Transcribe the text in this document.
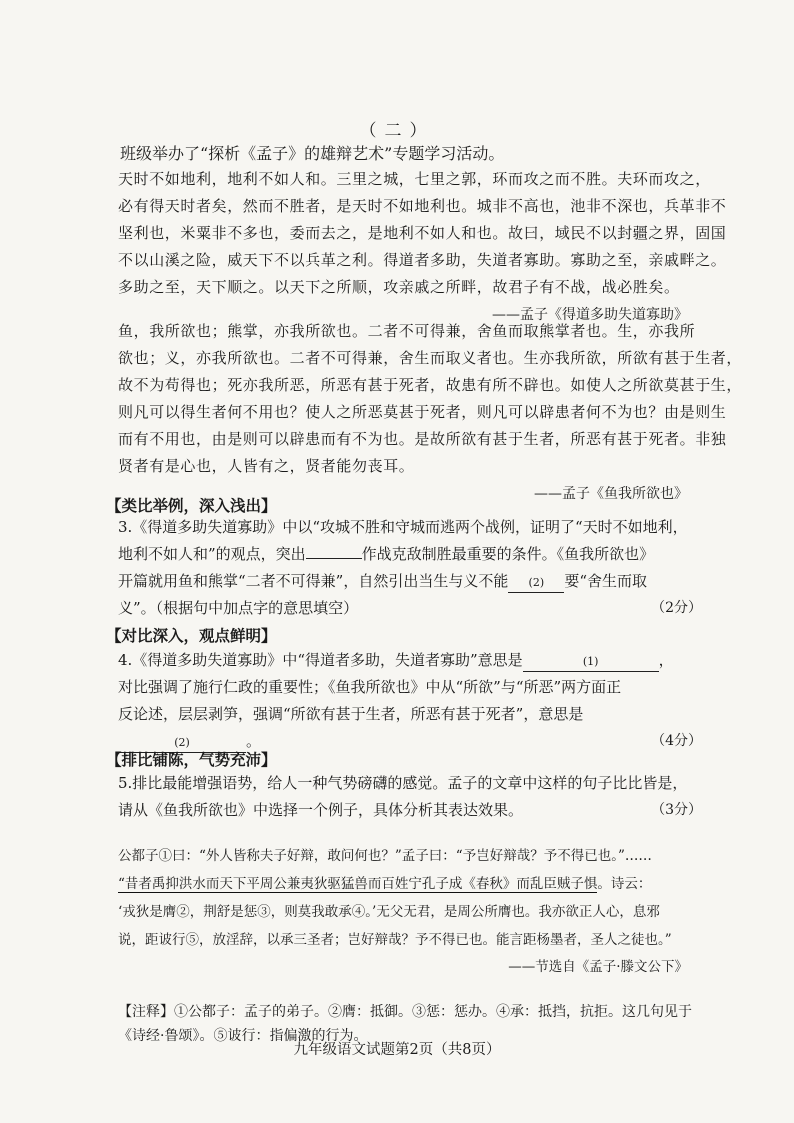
（二）
班级举办了“探析《孟子》的雄辩艺术”专题学习活动。
天时不如地利，地利不如人和。三里之城，七里之郭，环而攻之而不胜。夫环而攻之，
必有得天时者矣，然而不胜者，是天时不如地利也。城非不高也，池非不深也，兵革非不
坚利也，米粟非不多也，委而去之，是地利不如人和也。故曰，域民不以封疆之界，固国
不以山溪之险，威天下不以兵革之利。得道者多助，失道者寡助。寡助之至，亲戚畔之。
多助之至，天下顺之。以天下之所顺，攻亲戚之所畔，故君子有不战，战必胜矣。
——孟子《得道多助失道寡助》
鱼，我所欲也；熊掌，亦我所欲也。二者不可得兼，舍鱼而取熊掌者也。生，亦我所
欲也；义，亦我所欲也。二者不可得兼，舍生而取义者也。生亦我所欲，所欲有甚于生者，
故不为苟得也；死亦我所恶，所恶有甚于死者，故患有所不辟也。如使人之所欲莫甚于生，
则凡可以得生者何不用也？使人之所恶莫甚于死者，则凡可以辟患者何不为也？由是则生
而有不用也，由是则可以辟患而有不为也。是故所欲有甚于生者，所恶有甚于死者。非独
贤者有是心也，人皆有之，贤者能勿丧耳。
——孟子《鱼我所欲也》
【类比举例，深入浅出】
3.《得道多助失道寡助》中以“攻城不胜和守城而逃两个战例，证明了“天时不如地利，
地利不如人和”的观点，突出	作战克敌制胜最重要的条件。《鱼我所欲也》
开篇就用鱼和熊掌“二者不可得兼”，自然引出当生与义不能 (2) 要“舍生而取
义”。（根据句中加点字的意思填空）	（2分）
【对比深入，观点鲜明】
4.《得道多助失道寡助》中“得道者多助，失道者寡助”意思是	(1)	，
对比强调了施行仁政的重要性；《鱼我所欲也》中从“所欲”与“所恶”两方面正
反论述，层层剥笋，强调“所欲有甚于生者，所恶有甚于死者”，意思是
(2)	。	（4分）
【排比铺陈，气势充沛】
5.排比最能增强语势，给人一种气势磅礴的感觉。孟子的文章中这样的句子比比皆是，
请从《鱼我所欲也》中选择一个例子，具体分析其表达效果。	（3分）
公都子①曰：“外人皆称夫子好辩，敢问何也？”孟子曰：“予岂好辩哉？予不得已也。”……
“昔者禹抑洪水而天下平周公兼夷狄驱猛兽而百姓宁孔子成《春秋》而乱臣贼子惧。诗云：
‘戎狄是膺②，荆舒是惩③，则莫我敢承④。’无父无君，是周公所膺也。我亦欲正人心，息邪
说，距诐行⑤，放淫辞，以承三圣者；岂好辩哉？予不得已也。能言距杨墨者，圣人之徒也。”
——节选自《孟子·滕文公下》
【注释】①公都子：孟子的弟子。②膺：抵御。③惩：惩办。④承：抵挡，抗拒。这几句见于
《诗经·鲁颂》。⑤诐行：指偏激的行为。
九年级语文试题第2页（共8页）
